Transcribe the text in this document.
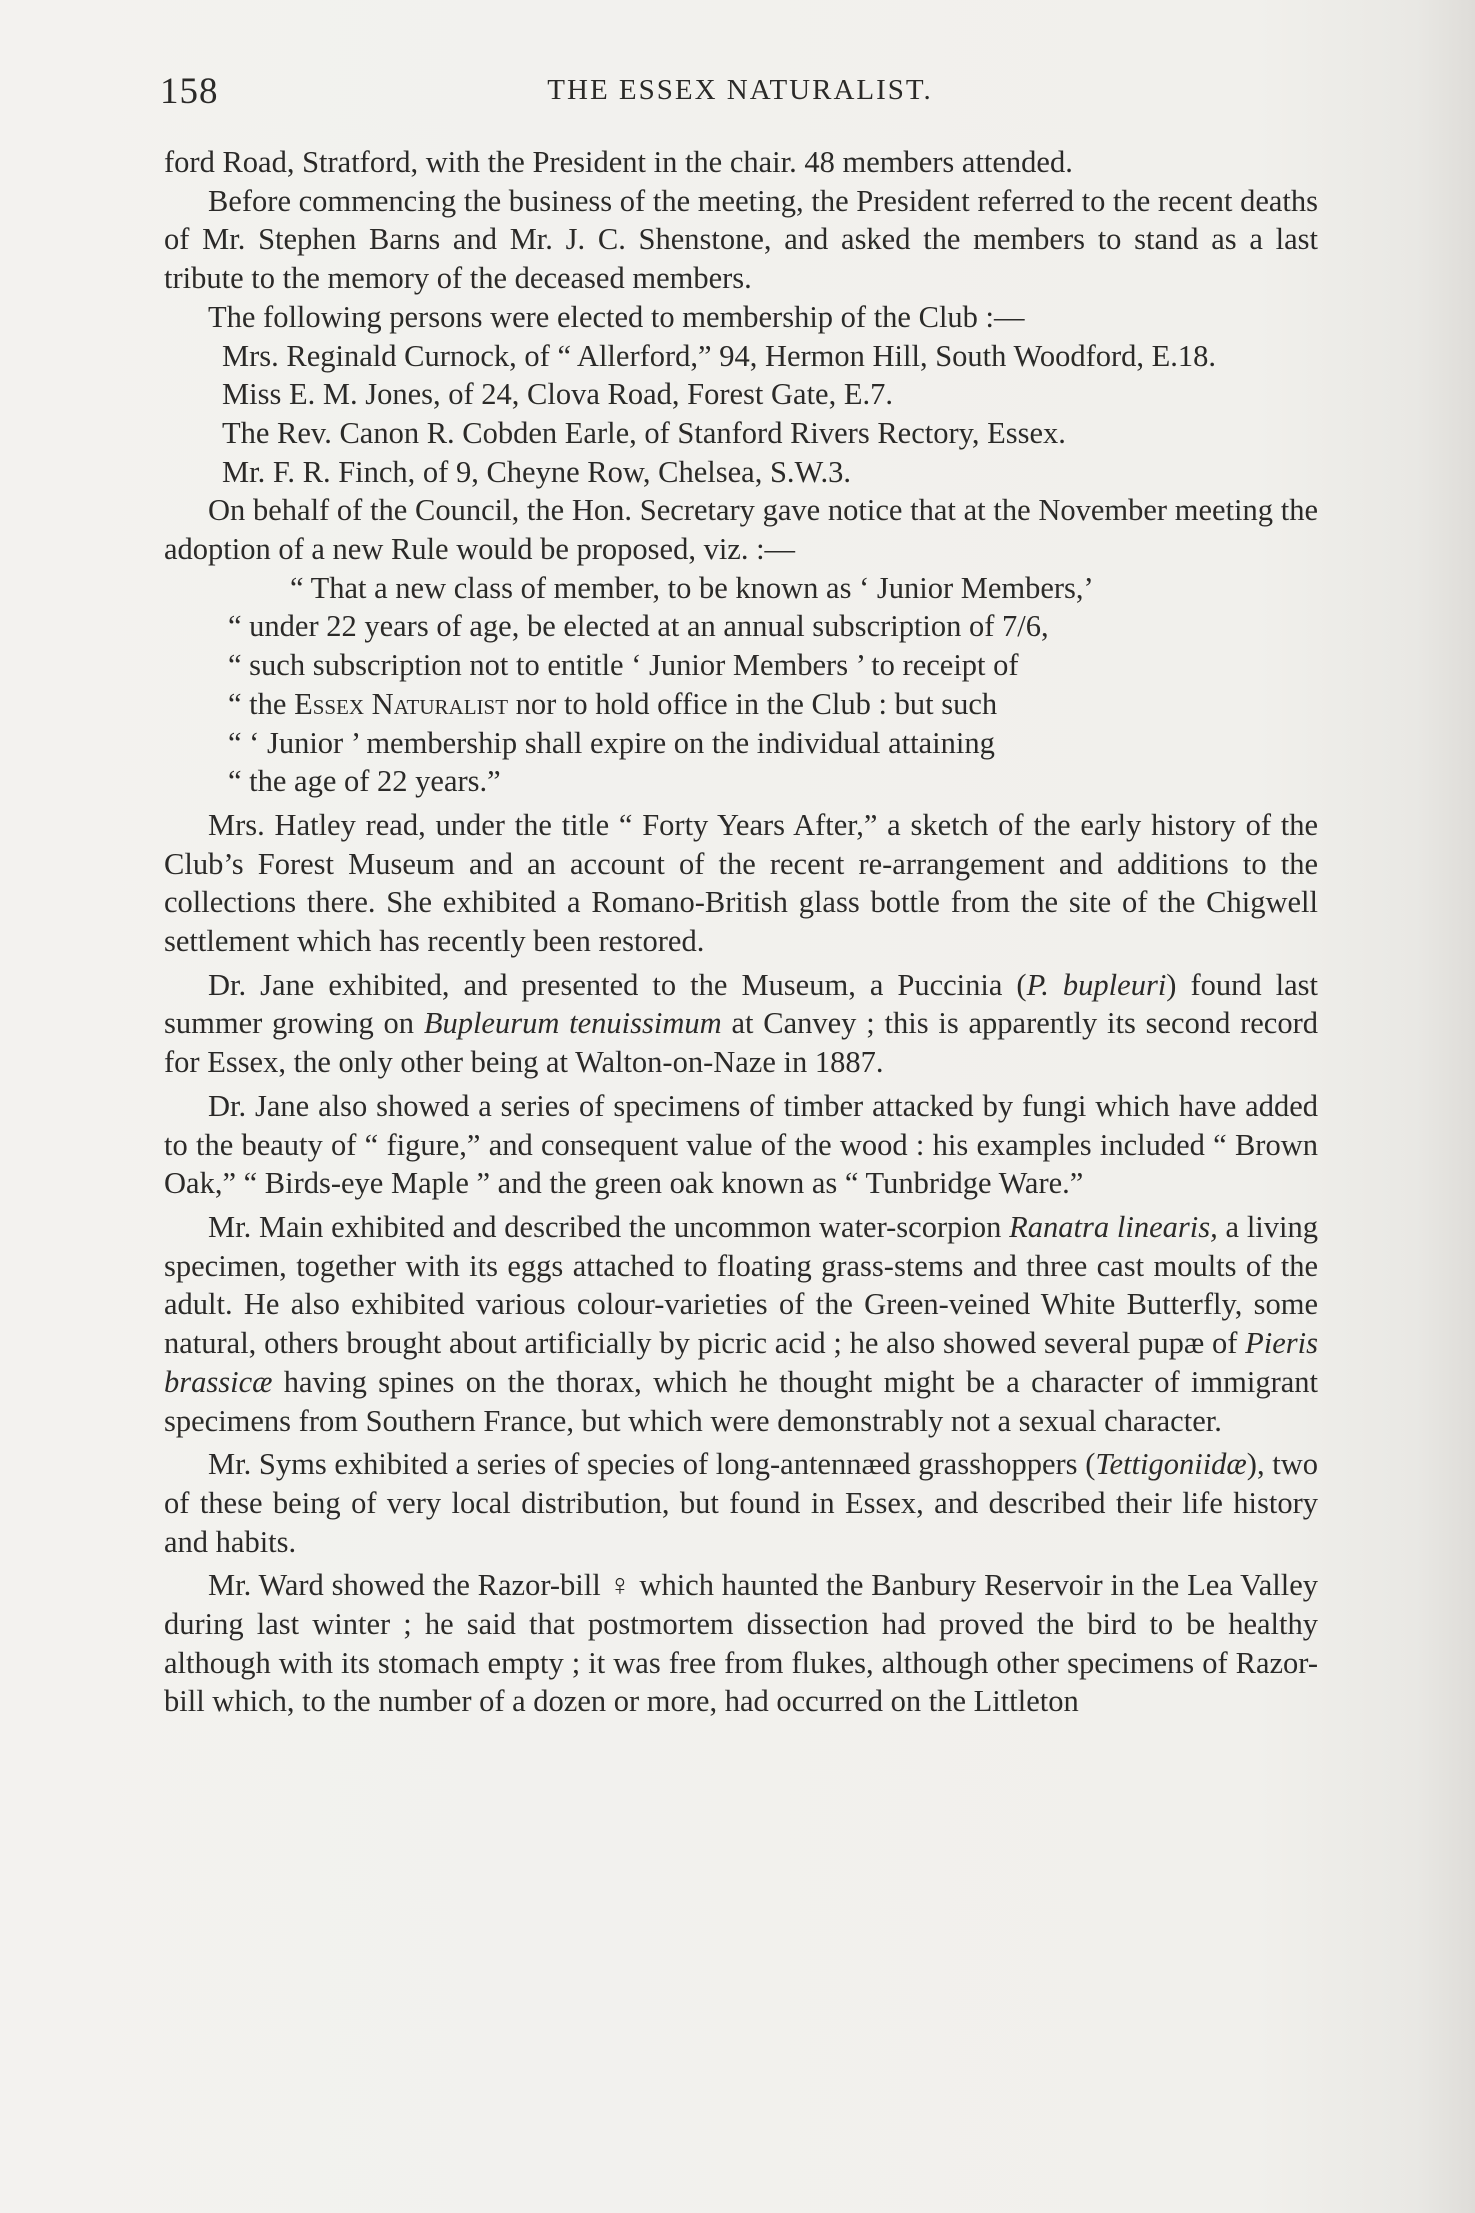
158	THE ESSEX NATURALIST.

ford Road, Stratford, with the President in the chair. 48 members attended.

Before commencing the business of the meeting, the President referred to the recent deaths of Mr. Stephen Barns and Mr. J. C. Shenstone, and asked the members to stand as a last tribute to the memory of the deceased members.

The following persons were elected to membership of the Club :—

Mrs. Reginald Curnock, of “ Allerford,” 94, Hermon Hill, South Woodford, E.18.

Miss E. M. Jones, of 24, Clova Road, Forest Gate, E.7.

The Rev. Canon R. Cobden Earle, of Stanford Rivers Rectory, Essex.

Mr. F. R. Finch, of 9, Cheyne Row, Chelsea, S.W.3.

On behalf of the Council, the Hon. Secretary gave notice that at the November meeting the adoption of a new Rule would be proposed, viz. :—

“ That a new class of member, to be known as ‘ Junior Members,’

“ under 22 years of age, be elected at an annual subscription of 7/6,

“ such subscription not to entitle ‘ Junior Members ’ to receipt of

“ the Essex Naturalist nor to hold office in the Club : but such

“ ‘ Junior ’ membership shall expire on the individual attaining

“ the age of 22 years.”

Mrs. Hatley read, under the title “ Forty Years After,” a sketch of the early history of the Club’s Forest Museum and an account of the recent re-arrangement and additions to the collections there. She exhibited a Romano-British glass bottle from the site of the Chigwell settlement which has recently been restored.

Dr. Jane exhibited, and presented to the Museum, a Puccinia (P. bupleuri) found last summer growing on Bupleurum tenuissimum at Canvey ; this is apparently its second record for Essex, the only other being at Walton-on-Naze in 1887.

Dr. Jane also showed a series of specimens of timber attacked by fungi which have added to the beauty of “ figure,” and consequent value of the wood : his examples included “ Brown Oak,” “ Birds-eye Maple ” and the green oak known as “ Tunbridge Ware.”

Mr. Main exhibited and described the uncommon water-scorpion Ranatra linearis, a living specimen, together with its eggs attached to floating grass-stems and three cast moults of the adult. He also exhibited various colour-varieties of the Green-veined White Butterfly, some natural, others brought about artificially by picric acid ; he also showed several pupæ of Pieris brassicæ having spines on the thorax, which he thought might be a character of immigrant specimens from Southern France, but which were demonstrably not a sexual character.

Mr. Syms exhibited a series of species of long-antennæed grasshoppers (Tettigoniidæ), two of these being of very local distribution, but found in Essex, and described their life history and habits.

Mr. Ward showed the Razor-bill ♀ which haunted the Banbury Reservoir in the Lea Valley during last winter ; he said that postmortem dissection had proved the bird to be healthy although with its stomach empty ; it was free from flukes, although other specimens of Razor-bill which, to the number of a dozen or more, had occurred on the Littleton
